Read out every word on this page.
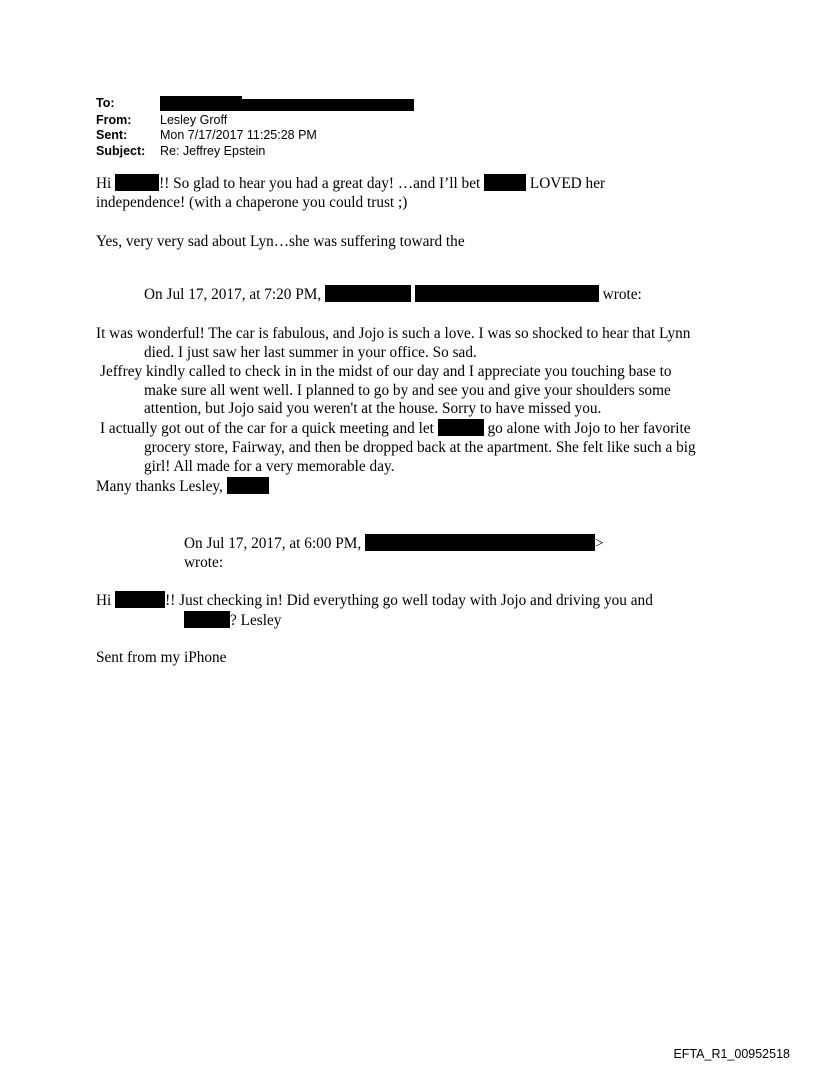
To:
From:	Lesley Groff
Sent:	Mon 7/17/2017 11:25:28 PM
Subject:	Re: Jeffrey Epstein

Hi	!! So glad to hear you had a great day! …and I’ll bet	LOVED her independence! (with a chaperone you could trust ;)

Yes, very very sad about Lyn…she was suffering toward the

On Jul 17, 2017, at 7:20 PM,	wrote:

It was wonderful! The car is fabulous, and Jojo is such a love. I was so shocked to hear that Lynn died. I just saw her last summer in your office. So sad.

Jeffrey kindly called to check in in the midst of our day and I appreciate you touching base to make sure all went well. I planned to go by and see you and give your shoulders some attention, but Jojo said you weren't at the house. Sorry to have missed you.

I actually got out of the car for a quick meeting and let	go alone with Jojo to her favorite grocery store, Fairway, and then be dropped back at the apartment. She felt like such a big girl! All made for a very memorable day.

Many thanks Lesley,

On Jul 17, 2017, at 6:00 PM,	>

wrote:

Hi	!! Just checking in! Did everything go well today with Jojo and driving you and ? Lesley

Sent from my iPhone

EFTA_R1_00952518
